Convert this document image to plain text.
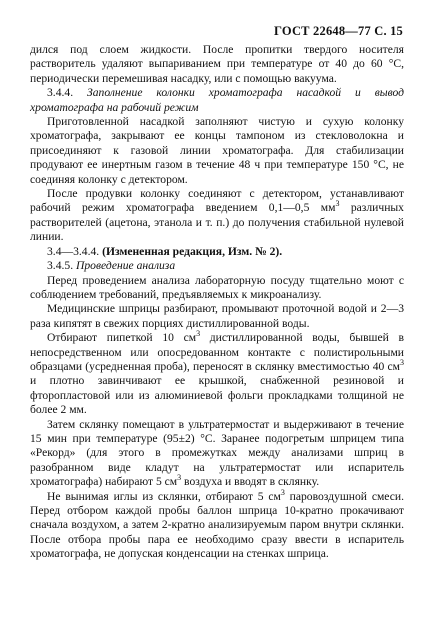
ГОСТ 22648—77 С. 15

дился под слоем жидкости. После пропитки твердого носителя растворитель удаляют выпариванием при температуре от 40 до 60 °С, периодически перемешивая насадку, или с помощью вакуума.

3.4.4. Заполнение колонки хроматографа насадкой и вывод хроматографа на рабочий режим

Приготовленной насадкой заполняют чистую и сухую колонку хроматографа, закрывают ее концы тампоном из стекловолокна и присоединяют к газовой линии хроматографа. Для стабилизации продувают ее инертным газом в течение 48 ч при температуре 150 °С, не соединяя колонку с детектором.

После продувки колонку соединяют с детектором, устанавливают рабочий режим хроматографа введением 0,1—0,5 $мм^3$ различных растворителей (ацетона, этанола и т. п.) до получения стабильной нулевой линии.

3.4—3.4.4. (Измененная редакция, Изм. № 2).

3.4.5. Проведение анализа

Перед проведением анализа лабораторную посуду тщательно моют с соблюдением требований, предъявляемых к микроанализу.

Медицинские шприцы разбирают, промывают проточной водой и 2—3 раза кипятят в свежих порциях дистиллированной воды.

Отбирают пипеткой 10 $см^3$ дистиллированной воды, бывшей в непосредственном или опосредованном контакте с полистирольными образцами (усредненная проба), переносят в склянку вместимостью 40 $см^3$ и плотно завинчивают ее крышкой, снабженной резиновой и фторопластовой или из алюминиевой фольги прокладками толщиной не более 2 мм.

Затем склянку помещают в ультратермостат и выдерживают в течение 15 мин при температуре (95±2) °С. Заранее подогретым шприцем типа «Рекорд» (для этого в промежутках между анализами шприц в разобранном виде кладут на ультратермостат или испаритель хроматографа) набирают 5 $см^3$ воздуха и вводят в склянку.

Не вынимая иглы из склянки, отбирают 5 $см^3$ паровоздушной смеси. Перед отбором каждой пробы баллон шприца 10-кратно прокачивают сначала воздухом, а затем 2-кратно анализируемым паром внутри склянки. После отбора пробы пара ее необходимо сразу ввести в испаритель хроматографа, не допуская конденсации на стенках шприца.
